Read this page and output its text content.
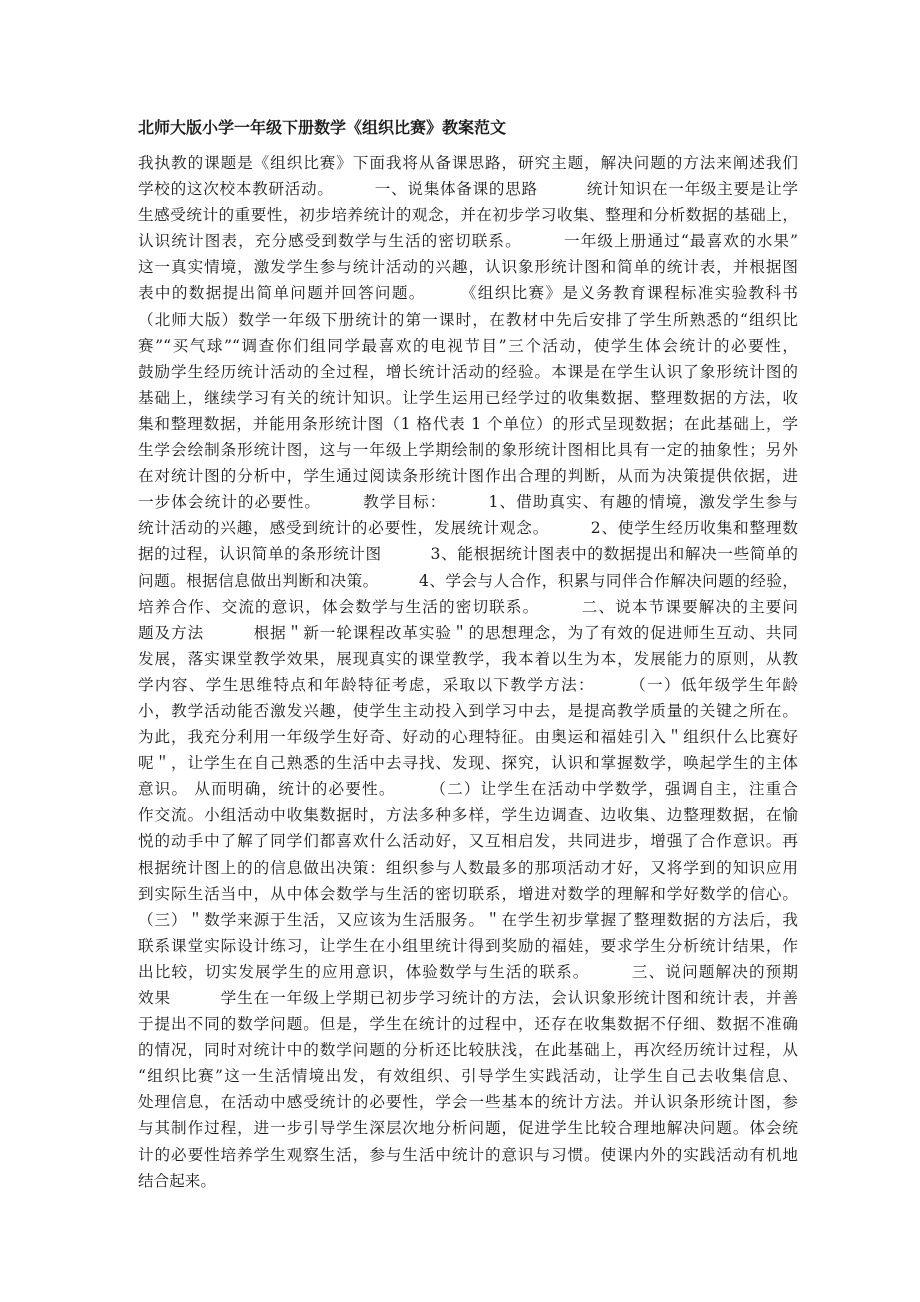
北师大版小学一年级下册数学《组织比赛》教案范文
我执教的课题是《组织比赛》下面我将从备课思路，研究主题，解决问题的方法来阐述我们
学校的这次校本教研活动。　　　一、说集体备课的思路　　　统计知识在一年级主要是让学
生感受统计的重要性，初步培养统计的观念，并在初步学习收集、整理和分析数据的基础上，
认识统计图表，充分感受到数学与生活的密切联系。　　　一年级上册通过“最喜欢的水果”
这一真实情境，激发学生参与统计活动的兴趣，认识象形统计图和简单的统计表，并根据图
表中的数据提出简单问题并回答问题。　　　《组织比赛》是义务教育课程标准实验教科书
（北师大版）数学一年级下册统计的第一课时，在教材中先后安排了学生所熟悉的“组织比
赛”“买气球”“调查你们组同学最喜欢的电视节目”三个活动，使学生体会统计的必要性，
鼓励学生经历统计活动的全过程，增长统计活动的经验。本课是在学生认识了象形统计图的
基础上，继续学习有关的统计知识。让学生运用已经学过的收集数据、整理数据的方法，收
集和整理数据，并能用条形统计图（1 格代表 1 个单位）的形式呈现数据；在此基础上，学
生学会绘制条形统计图，这与一年级上学期绘制的象形统计图相比具有一定的抽象性；另外
在对统计图的分析中，学生通过阅读条形统计图作出合理的判断，从而为决策提供依据，进
一步体会统计的必要性。　　　教学目标：　　　1、借助真实、有趣的情境，激发学生参与
统计活动的兴趣，感受到统计的必要性，发展统计观念。　　　2、使学生经历收集和整理数
据的过程，认识简单的条形统计图　　　3、能根据统计图表中的数据提出和解决一些简单的
问题。根据信息做出判断和决策。　　　4、学会与人合作，积累与同伴合作解决问题的经验，
培养合作、交流的意识，体会数学与生活的密切联系。　　　二、说本节课要解决的主要问
题及方法　　　根据＂新一轮课程改革实验＂的思想理念，为了有效的促进师生互动、共同
发展，落实课堂教学效果，展现真实的课堂教学，我本着以生为本，发展能力的原则，从教
学内容、学生思维特点和年龄特征考虑，采取以下教学方法：　　　（一）低年级学生年龄
小，教学活动能否激发兴趣，使学生主动投入到学习中去，是提高教学质量的关键之所在。
为此，我充分利用一年级学生好奇、好动的心理特征。由奥运和福娃引入＂组织什么比赛好
呢＂，让学生在自己熟悉的生活中去寻找、发现、探究，认识和掌握数学，唤起学生的主体
意识。 从而明确，统计的必要性。　　　（二）让学生在活动中学数学，强调自主，注重合
作交流。小组活动中收集数据时，方法多种多样，学生边调查、边收集、边整理数据，在愉
悦的动手中了解了同学们都喜欢什么活动好，又互相启发，共同进步，增强了合作意识。再
根据统计图上的的信息做出决策：组织参与人数最多的那项活动才好，又将学到的知识应用
到实际生活当中，从中体会数学与生活的密切联系，增进对数学的理解和学好数学的信心。
（三）＂数学来源于生活，又应该为生活服务。＂在学生初步掌握了整理数据的方法后，我
联系课堂实际设计练习，让学生在小组里统计得到奖励的福娃，要求学生分析统计结果，作
出比较，切实发展学生的应用意识，体验数学与生活的联系。　　　三、说问题解决的预期
效果　　　学生在一年级上学期已初步学习统计的方法，会认识象形统计图和统计表，并善
于提出不同的数学问题。但是，学生在统计的过程中，还存在收集数据不仔细、数据不准确
的情况，同时对统计中的数学问题的分析还比较肤浅，在此基础上，再次经历统计过程，从
“组织比赛”这一生活情境出发，有效组织、引导学生实践活动，让学生自己去收集信息、
处理信息，在活动中感受统计的必要性，学会一些基本的统计方法。并认识条形统计图，参
与其制作过程，进一步引导学生深层次地分析问题，促进学生比较合理地解决问题。体会统
计的必要性培养学生观察生活，参与生活中统计的意识与习惯。使课内外的实践活动有机地
结合起来。
